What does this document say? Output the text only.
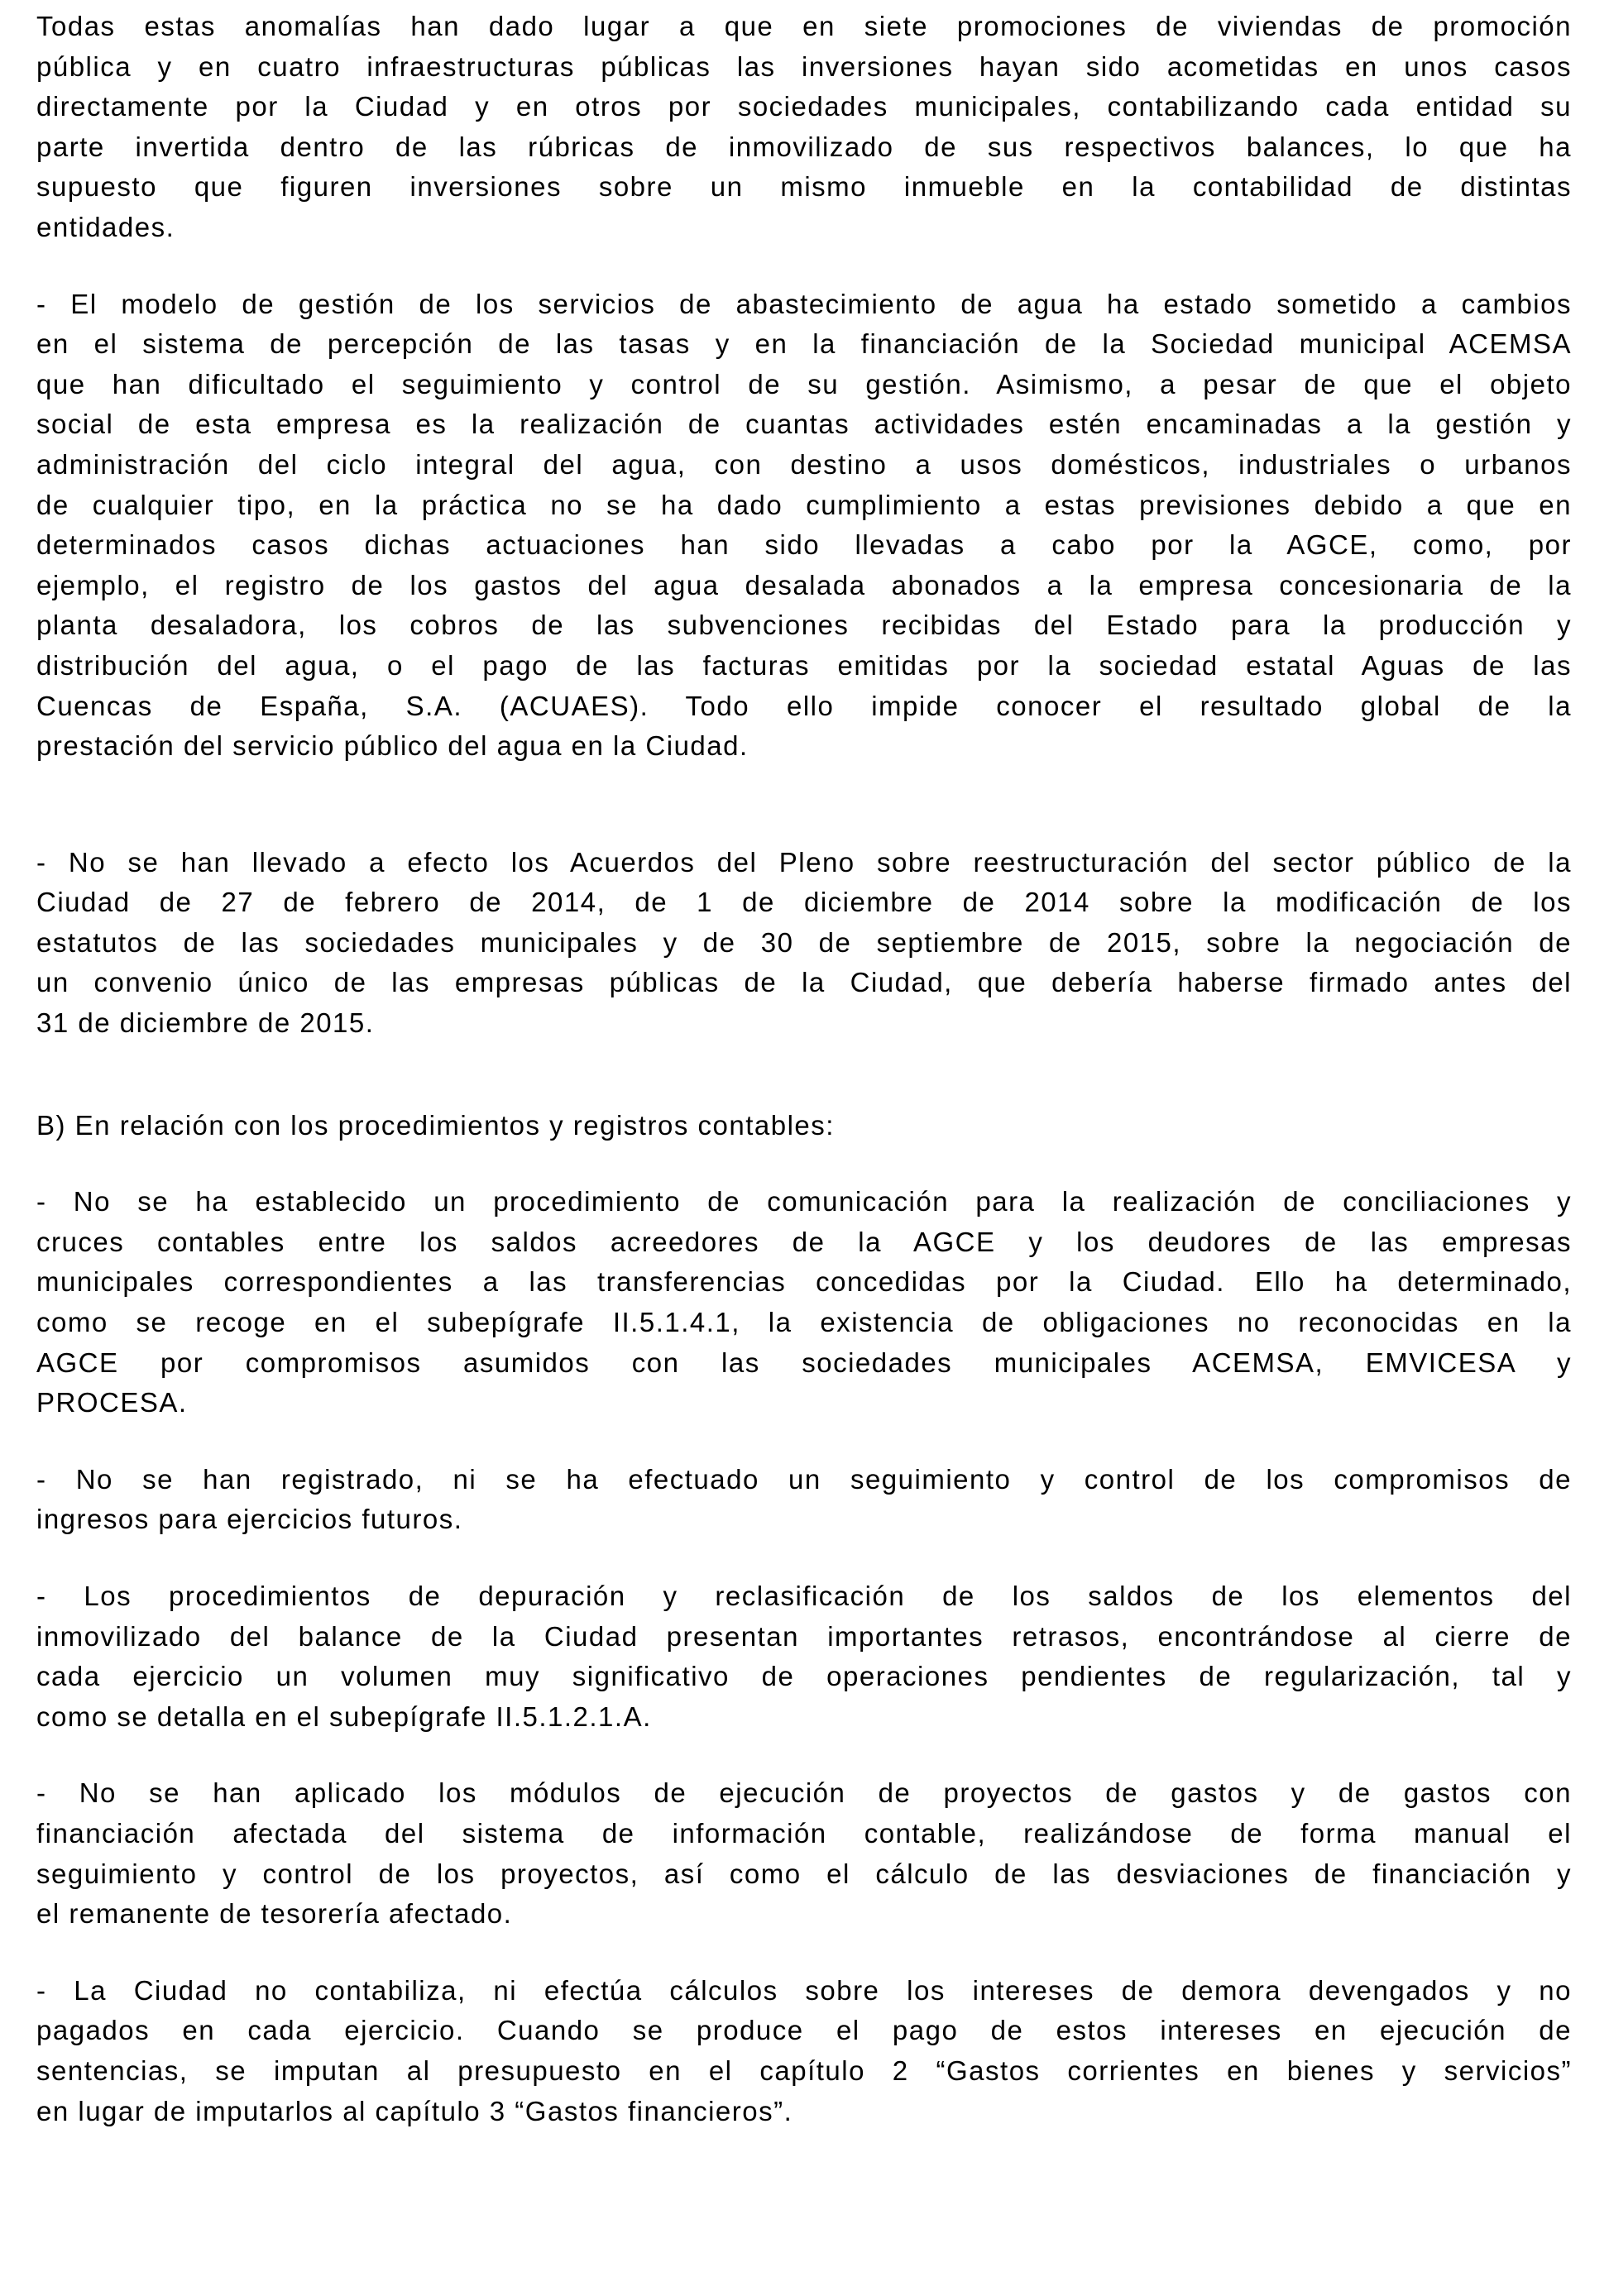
Todas estas anomalías han dado lugar a que en siete promociones de viviendas de promoción
pública y en cuatro infraestructuras públicas las inversiones hayan sido acometidas en unos casos
directamente por la Ciudad y en otros por sociedades municipales, contabilizando cada entidad su
parte invertida dentro de las rúbricas de inmovilizado de sus respectivos balances, lo que ha
supuesto que figuren inversiones sobre un mismo inmueble en la contabilidad de distintas
entidades.
- El modelo de gestión de los servicios de abastecimiento de agua ha estado sometido a cambios
en el sistema de percepción de las tasas y en la financiación de la Sociedad municipal ACEMSA
que han dificultado el seguimiento y control de su gestión. Asimismo, a pesar de que el objeto
social de esta empresa es la realización de cuantas actividades estén encaminadas a la gestión y
administración del ciclo integral del agua, con destino a usos domésticos, industriales o urbanos
de cualquier tipo, en la práctica no se ha dado cumplimiento a estas previsiones debido a que en
determinados casos dichas actuaciones han sido llevadas a cabo por la AGCE, como, por
ejemplo, el registro de los gastos del agua desalada abonados a la empresa concesionaria de la
planta desaladora, los cobros de las subvenciones recibidas del Estado para la producción y
distribución del agua, o el pago de las facturas emitidas por la sociedad estatal Aguas de las
Cuencas de España, S.A. (ACUAES). Todo ello impide conocer el resultado global de la
prestación del servicio público del agua en la Ciudad.
- No se han llevado a efecto los Acuerdos del Pleno sobre reestructuración del sector público de la
Ciudad de 27 de febrero de 2014, de 1 de diciembre de 2014 sobre la modificación de los
estatutos de las sociedades municipales y de 30 de septiembre de 2015, sobre la negociación de
un convenio único de las empresas públicas de la Ciudad, que debería haberse firmado antes del
31 de diciembre de 2015.
B) En relación con los procedimientos y registros contables:
- No se ha establecido un procedimiento de comunicación para la realización de conciliaciones y
cruces contables entre los saldos acreedores de la AGCE y los deudores de las empresas
municipales correspondientes a las transferencias concedidas por la Ciudad. Ello ha determinado,
como se recoge en el subepígrafe II.5.1.4.1, la existencia de obligaciones no reconocidas en la
AGCE por compromisos asumidos con las sociedades municipales ACEMSA, EMVICESA y
PROCESA.
- No se han registrado, ni se ha efectuado un seguimiento y control de los compromisos de
ingresos para ejercicios futuros.
- Los procedimientos de depuración y reclasificación de los saldos de los elementos del
inmovilizado del balance de la Ciudad presentan importantes retrasos, encontrándose al cierre de
cada ejercicio un volumen muy significativo de operaciones pendientes de regularización, tal y
como se detalla en el subepígrafe II.5.1.2.1.A.
- No se han aplicado los módulos de ejecución de proyectos de gastos y de gastos con
financiación afectada del sistema de información contable, realizándose de forma manual el
seguimiento y control de los proyectos, así como el cálculo de las desviaciones de financiación y
el remanente de tesorería afectado.
- La Ciudad no contabiliza, ni efectúa cálculos sobre los intereses de demora devengados y no
pagados en cada ejercicio. Cuando se produce el pago de estos intereses en ejecución de
sentencias, se imputan al presupuesto en el capítulo 2 “Gastos corrientes en bienes y servicios”
en lugar de imputarlos al capítulo 3 “Gastos financieros”.
